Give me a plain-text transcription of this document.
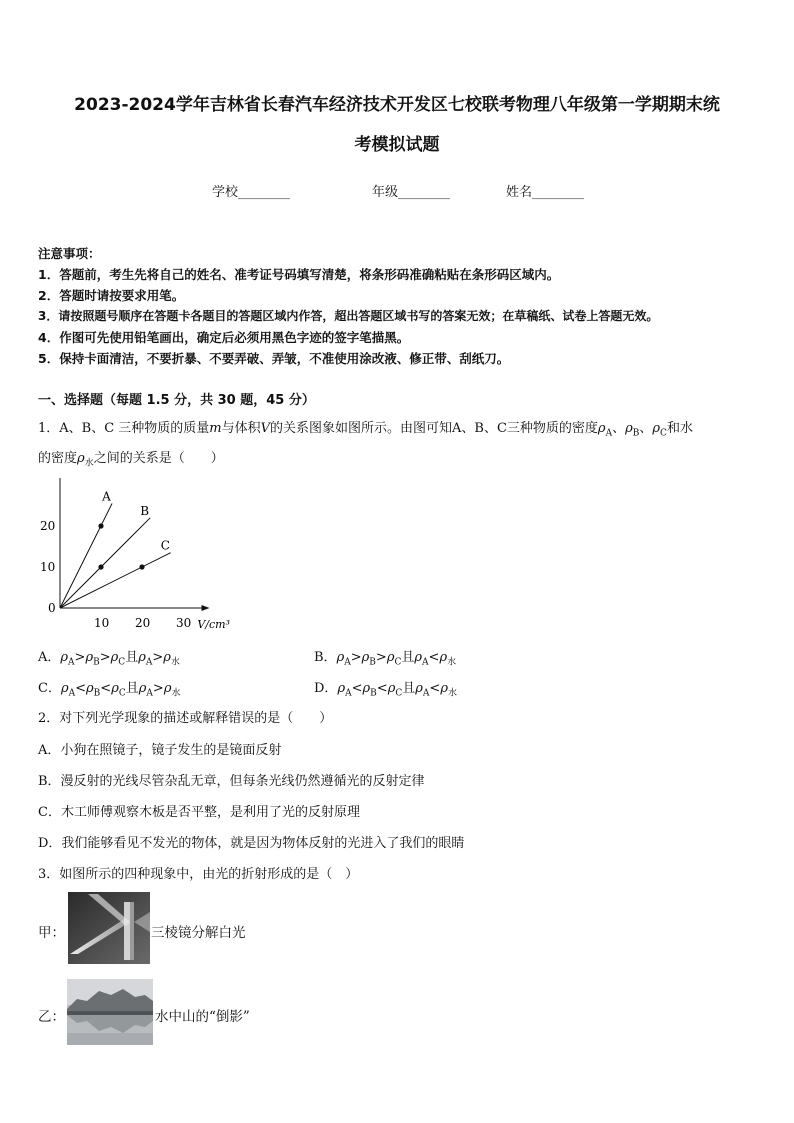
2023-2024学年吉林省长春汽车经济技术开发区七校联考物理八年级第一学期期末统
考模拟试题
学校________	年级________	姓名________
注意事项：
1．答题前，考生先将自己的姓名、准考证号码填写清楚，将条形码准确粘贴在条形码区域内。
2．答题时请按要求用笔。
3．请按照题号顺序在答题卡各题目的答题区域内作答，超出答题区域书写的答案无效；在草稿纸、试卷上答题无效。
4．作图可先使用铅笔画出，确定后必须用黑色字迹的签字笔描黑。
5．保持卡面清洁，不要折暴、不要弄破、弄皱，不准使用涂改液、修正带、刮纸刀。
一、选择题（每题 1.5 分，共 30 题，45 分）
1．A、B、C 三种物质的质量m与体积V的关系图象如图所示。由图可知A、B、C三种物质的密度$\rho_A$、$\rho_B$、$\rho_C$和水
的密度$\rho_水$之间的关系是（　　）
V/cm³
0
10 20 30
10
20
A
B
C
A．$\rho_A>\rho_B>\rho_C$且$\rho_A>\rho_水$	B．$\rho_A>\rho_B>\rho_C$且$\rho_A<\rho_水$
C．$\rho_A<\rho_B<\rho_C$且$\rho_A>\rho_水$	D．$\rho_A<\rho_B<\rho_C$且$\rho_A<\rho_水$
2．对下列光学现象的描述或解释错误的是（　　）
A．小狗在照镜子，镜子发生的是镜面反射
B．漫反射的光线尽管杂乱无章，但每条光线仍然遵循光的反射定律
C．木工师傅观察木板是否平整，是利用了光的反射原理
D．我们能够看见不发光的物体，就是因为物体反射的光进入了我们的眼睛
3．如图所示的四种现象中，由光的折射形成的是（　）
甲：	三棱镜分解白光
乙：	水中山的“倒影”
